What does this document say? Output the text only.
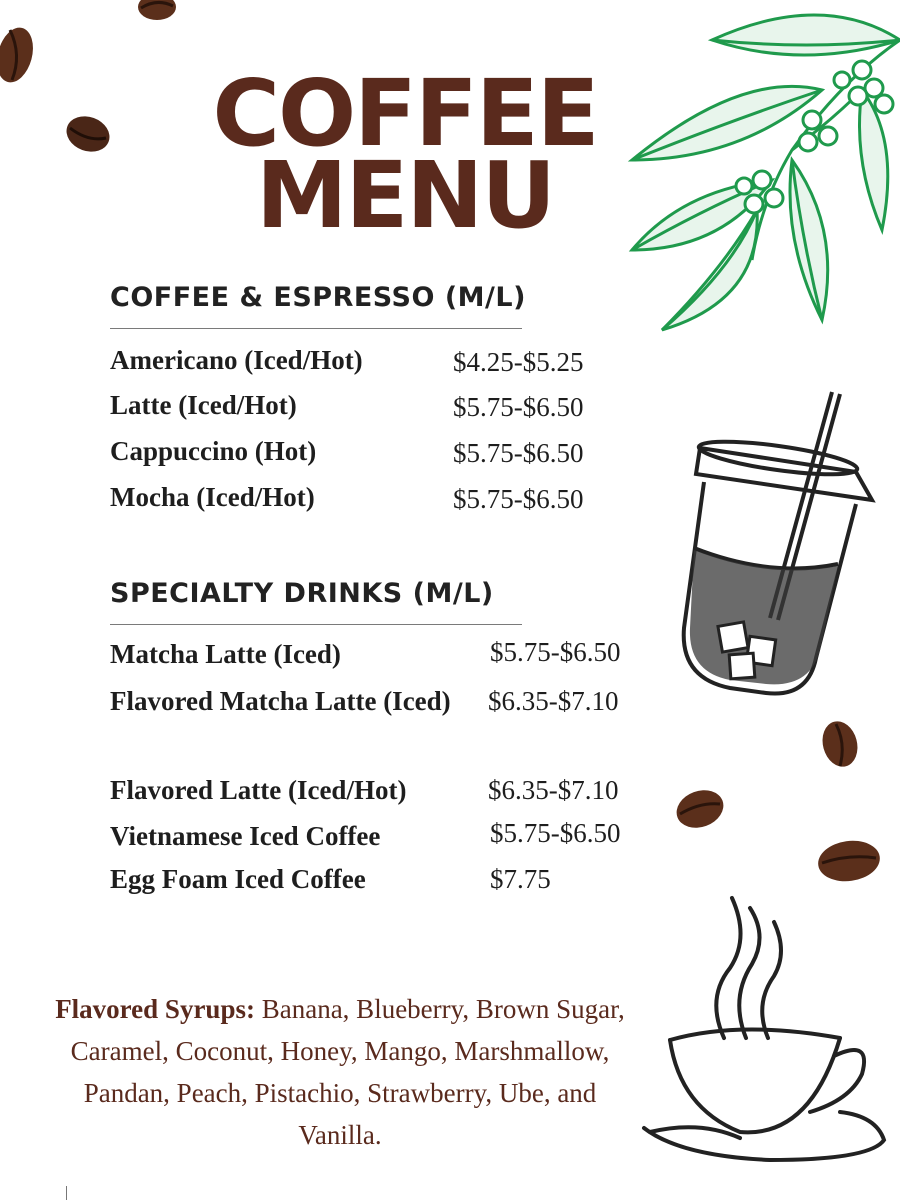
COFFEE
MENU
COFFEE & ESPRESSO (M/L)
Americano (Iced/Hot)	$4.25-$5.25
Latte (Iced/Hot)	$5.75-$6.50
Cappuccino (Hot)	$5.75-$6.50
Mocha (Iced/Hot)	$5.75-$6.50
SPECIALTY DRINKS (M/L)
Matcha Latte (Iced)	$5.75-$6.50
Flavored Matcha Latte (Iced)	$6.35-$7.10
Flavored Latte (Iced/Hot)	$6.35-$7.10
Vietnamese Iced Coffee	$5.75-$6.50
Egg Foam Iced Coffee	$7.75
Flavored Syrups: Banana, Blueberry, Brown Sugar, Caramel, Coconut, Honey, Mango, Marshmallow, Pandan, Peach, Pistachio, Strawberry, Ube, and Vanilla.
